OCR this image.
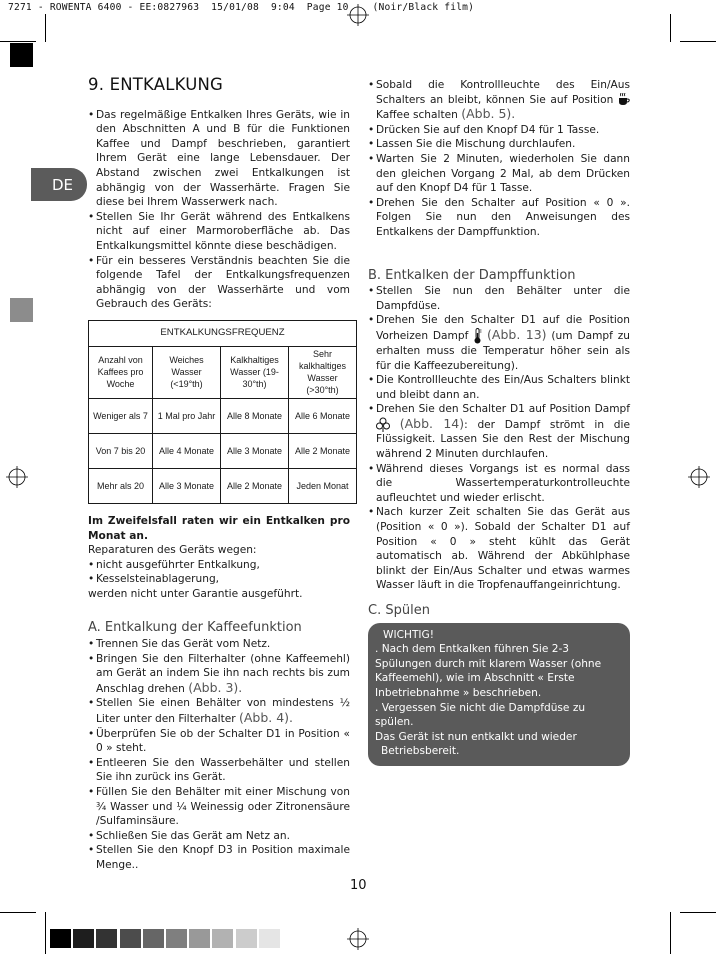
7271 - ROWENTA 6400 - EE:0827963  15/01/08  9:04  Page 10    (Noir/Black film)
DE
9. ENTKALKUNG
• Das regelmäßige Entkalken Ihres Geräts, wie in den Abschnitten A und B für die Funktionen Kaffee und Dampf beschrieben, garantiert Ihrem Gerät eine lange Lebensdauer. Der Abstand zwischen zwei Entkalkungen ist abhängig von der Wasserhärte. Fragen Sie diese bei Ihrem Wasserwerk nach.
• Stellen Sie Ihr Gerät während des Entkalkens nicht auf einer Marmoroberfläche ab. Das Entkalkungsmittel könnte diese beschädigen.
• Für ein besseres Verständnis beachten Sie die folgende Tafel der Entkalkungsfrequenzen abhängig von der Wasserhärte und vom Gebrauch des Geräts:
ENTKALKUNGSFREQUENZ			
Anzahl von Kaffees pro Woche	Weiches Wasser (<19°th)	Kalkhaltiges Wasser (19-30°th)	Sehr kalkhaltiges Wasser (>30°th)
Weniger als 7	1 Mal pro Jahr	Alle 8 Monate	Alle 6 Monate
Von 7 bis 20	Alle 4 Monate	Alle 3 Monate	Alle 2 Monate
Mehr als 20	Alle 3 Monate	Alle 2 Monate	Jeden Monat

Im Zweifelsfall raten wir ein Entkalken pro Monat an.

Reparaturen des Geräts wegen:

• nicht ausgeführter Entkalkung,
• Kesselsteinablagerung,

werden nicht unter Garantie ausgeführt.

A. Entkalkung der Kaffeefunktion
• Trennen Sie das Gerät vom Netz.
• Bringen Sie den Filterhalter (ohne Kaffeemehl) am Gerät an indem Sie ihn nach rechts bis zum Anschlag drehen (Abb. 3).
• Stellen Sie einen Behälter von mindestens ½ Liter unter den Filterhalter (Abb. 4).
• Überprüfen Sie ob der Schalter D1 in Position « 0 » steht.
• Entleeren Sie den Wasserbehälter und stellen Sie ihn zurück ins Gerät.
• Füllen Sie den Behälter mit einer Mischung von ¾ Wasser und ¼ Weinessig oder Zitronensäure /Sulfaminsäure.
• Schließen Sie das Gerät am Netz an.
• Stellen Sie den Knopf D3 in Position maximale Menge..
• Sobald die Kontrollleuchte des Ein/Aus Schalters an bleibt, können Sie auf Position  Kaffee schalten (Abb. 5).
• Drücken Sie auf den Knopf D4 für 1 Tasse.
• Lassen Sie die Mischung durchlaufen.
• Warten Sie 2 Minuten, wiederholen Sie dann den gleichen Vorgang 2 Mal, ab dem Drücken auf den Knopf D4 für 1 Tasse.
• Drehen Sie den Schalter auf Position « 0 ». Folgen Sie nun den Anweisungen des Entkalkens der Dampffunktion.
B. Entkalken der Dampffunktion
• Stellen Sie nun den Behälter unter die Dampfdüse.
• Drehen Sie den Schalter D1 auf die Position Vorheizen Dampf  (Abb. 13) (um Dampf zu erhalten muss die Temperatur höher sein als für die Kaffeezubereitung).
• Die Kontrollleuchte des Ein/Aus Schalters blinkt und bleibt dann an.
• Drehen Sie den Schalter D1 auf Position Dampf  (Abb. 14): der Dampf strömt in die Flüssigkeit. Lassen Sie den Rest der Mischung während 2 Minuten durchlaufen.
• Während dieses Vorgangs ist es normal dass die Wassertemperaturkontrolleuchte aufleuchtet und wieder erlischt.
• Nach kurzer Zeit schalten Sie das Gerät aus (Position « 0 »). Sobald der Schalter D1 auf Position « 0 » steht kühlt das Gerät automatisch ab. Während der Abkühlphase blinkt der Ein/Aus Schalter und etwas warmes Wasser läuft in die Tropfenauffangeinrichtung.
C. Spülen
WICHTIG!
. Nach dem Entkalken führen Sie 2-3 Spülungen durch mit klarem Wasser (ohne Kaffeemehl), wie im Abschnitt « Erste Inbetriebnahme » beschrieben.
. Vergessen Sie nicht die Dampfdüse zu spülen.
Das Gerät ist nun entkalkt und wieder
Betriebsbereit.
10
